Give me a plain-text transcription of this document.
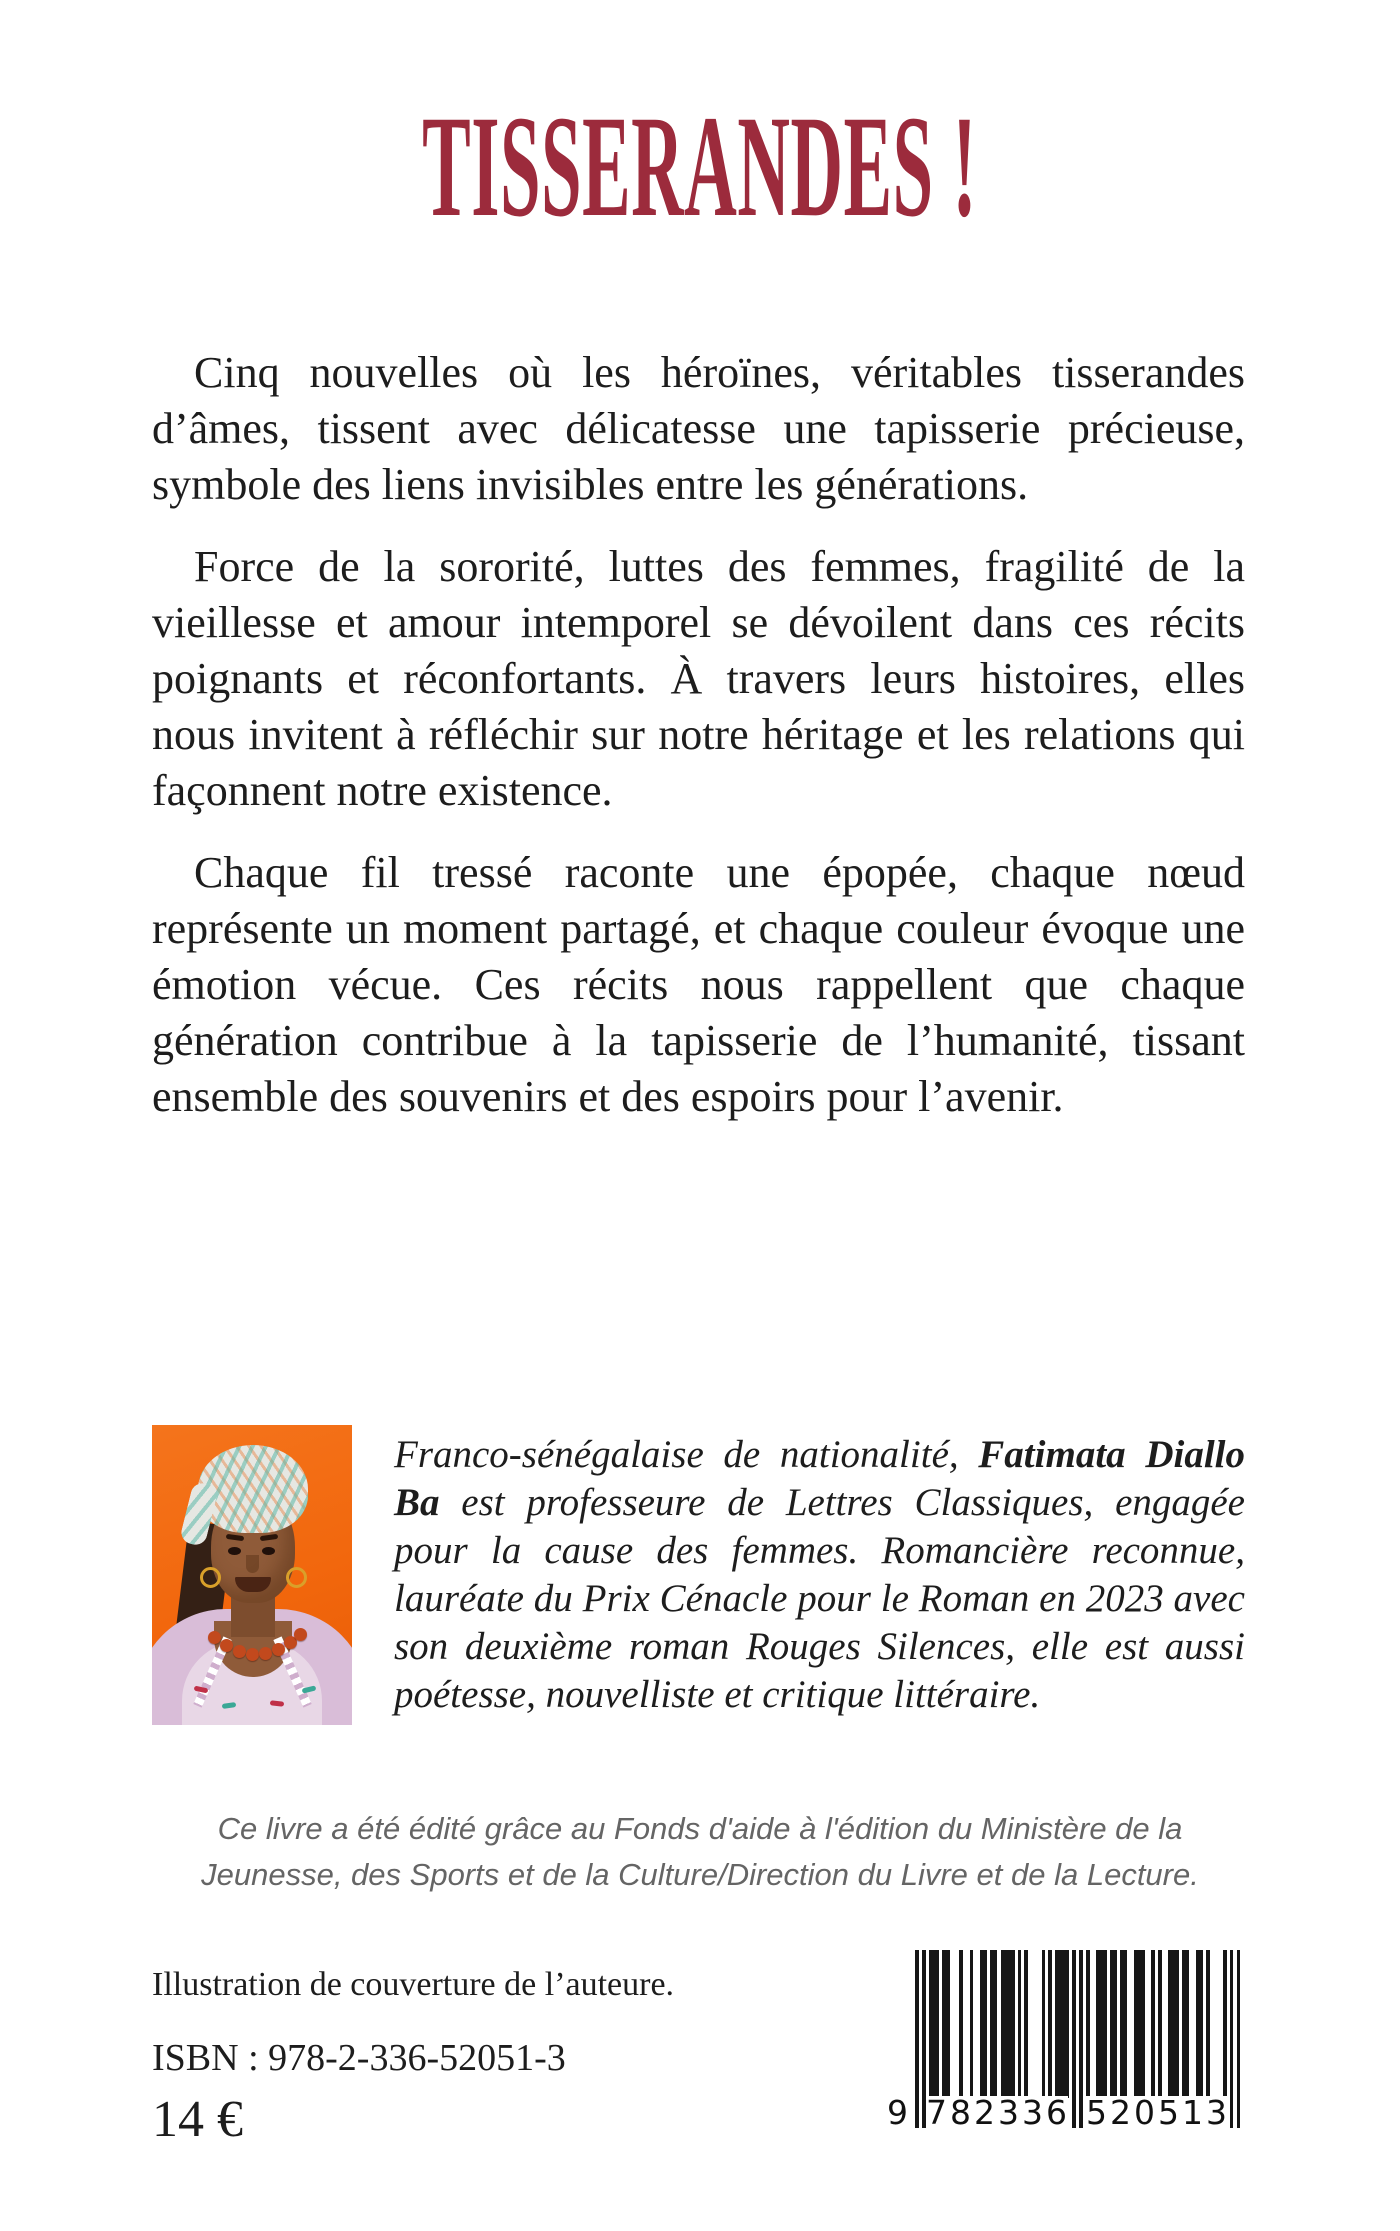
TISSERANDES !

Cinq nouvelles où les héroïnes, véritables tisserandes d’âmes, tissent avec délicatesse une tapisserie précieuse, symbole des liens invisibles entre les générations.

Force de la sororité, luttes des femmes, fragilité de la vieillesse et amour intemporel se dévoilent dans ces récits poignants et réconfortants. À travers leurs histoires, elles nous invitent à réfléchir sur notre héritage et les relations qui façonnent notre existence.

Chaque fil tressé raconte une épopée, chaque nœud représente un moment partagé, et chaque couleur évoque une émotion vécue. Ces récits nous rappellent que chaque génération contribue à la tapisserie de l’humanité, tissant ensemble des souvenirs et des espoirs pour l’avenir.

Franco-sénégalaise de nationalité, Fatimata Diallo Ba est professeure de Lettres Classiques, engagée pour la cause des femmes. Romancière reconnue, lauréate du Prix Cénacle pour le Roman en 2023 avec son deuxième roman Rouges Silences, elle est aussi poétesse, nouvelliste et critique littéraire.
Ce livre a été édité grâce au Fonds d'aide à l'édition du Ministère de la Jeunesse, des Sports et de la Culture/Direction du Livre et de la Lecture.

Illustration de couverture de l’auteure.

ISBN : 978-2-336-52051-3

14 €	9 782336 520513
